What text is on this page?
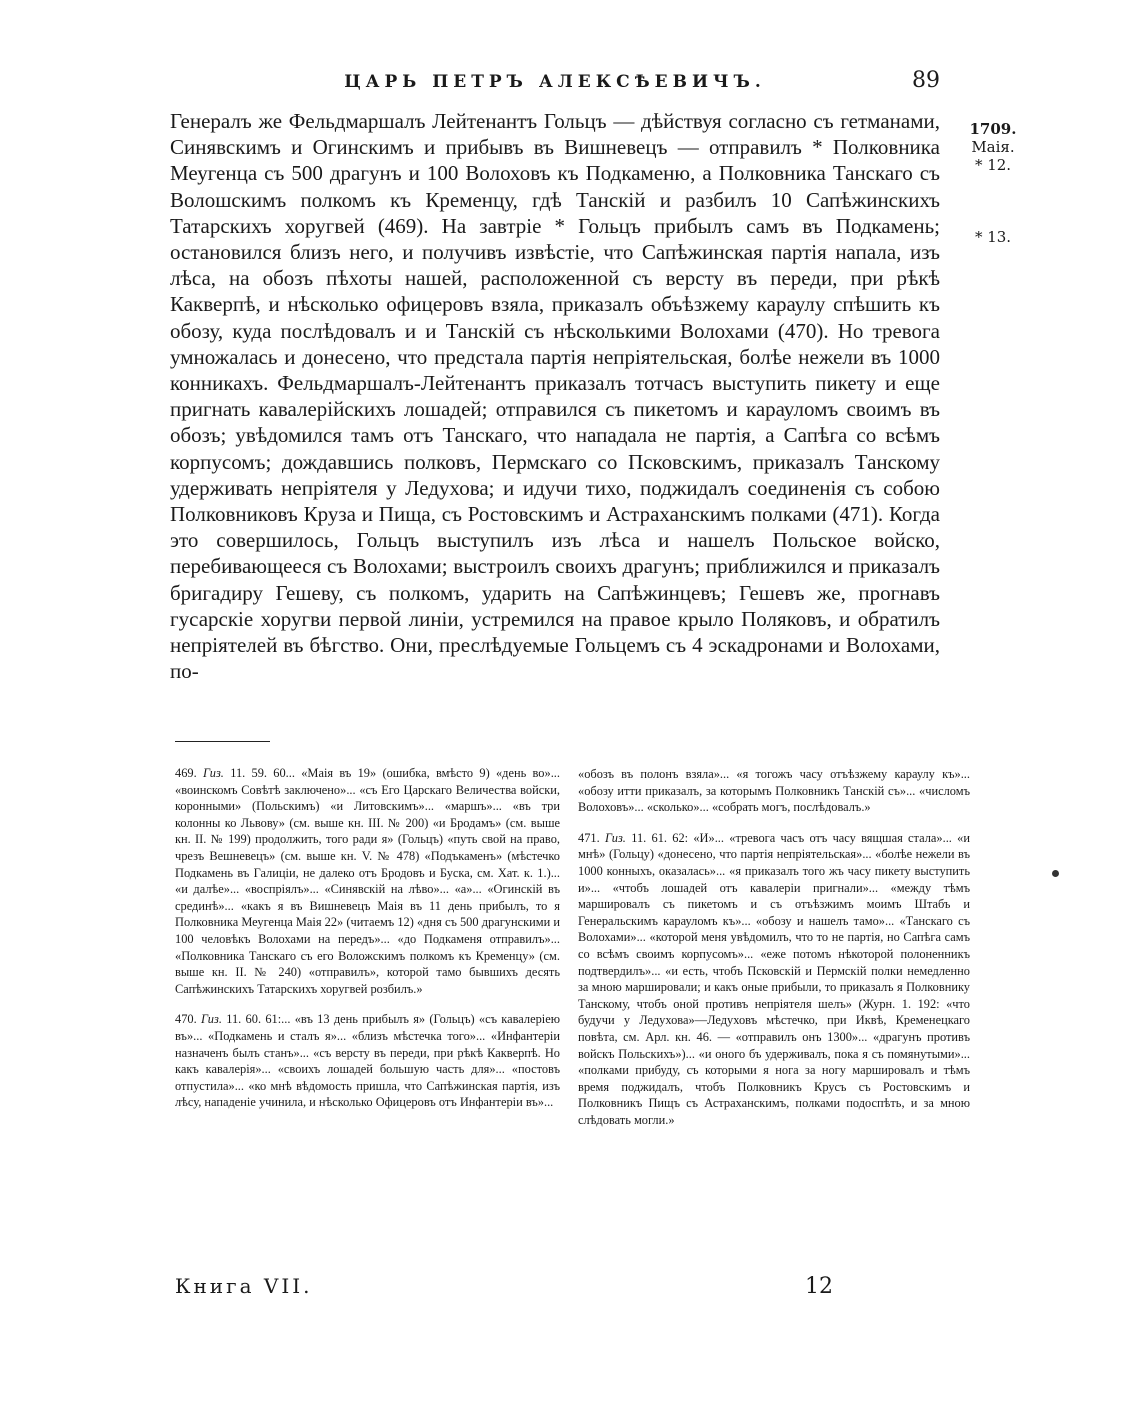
ЦАРЬ ПЕТРЪ АЛЕКСѢЕВИЧЪ.	89
1709.
Маія.
* 12.
* 13.

Генералъ же Фельдмаршалъ Лейтенантъ Гольцъ — дѣйствуя согласно съ гетманами, Синявскимъ и Огинскимъ и прибывъ въ Вишневецъ — отправилъ * Полковника Меугенца съ 500 драгунъ и 100 Волоховъ къ Подкаменю, а Полковника Танскаго съ Волошскимъ полкомъ къ Кременцу, гдѣ Танскій и разбилъ 10 Сапѣжинскихъ Татарскихъ хоругвей (469). На завтріе * Гольцъ прибылъ самъ въ Подкамень; остановился близъ него, и получивъ извѣстіе, что Сапѣжинская партія напала, изъ лѣса, на обозъ пѣхоты нашей, расположенной съ версту въ переди, при рѣкѣ Какверпѣ, и нѣсколько офицеровъ взяла, приказалъ объѣзжему караулу спѣшить къ обозу, куда послѣдовалъ и и Танскій съ нѣсколькими Волохами (470). Но тревога умножалась и донесено, что предстала партія непріятельская, болѣе нежели въ 1000 конникахъ. Фельдмаршалъ-Лейтенантъ приказалъ тотчасъ выступить пикету и еще пригнать кавалерійскихъ лошадей; отправился съ пикетомъ и карауломъ своимъ въ обозъ; увѣдомился тамъ отъ Танскаго, что нападала не партія, а Сапѣга со всѣмъ корпусомъ; дождавшись полковъ, Пермскаго со Псковскимъ, приказалъ Танскому удерживать непріятеля у Ледухова; и идучи тихо, поджидалъ соединенія съ собою Полковниковъ Круза и Пища, съ Ростовскимъ и Астраханскимъ полками (471). Когда это совершилось, Гольцъ выступилъ изъ лѣса и нашелъ Польское войско, перебивающееся съ Волохами; выстроилъ своихъ драгунъ; приближился и приказалъ бригадиру Гешеву, съ полкомъ, ударить на Сапѣжинцевъ; Гешевъ же, прогнавъ гусарскіе хоругви первой линіи, устремился на правое крыло Поляковъ, и обратилъ непріятелей въ бѣгство. Они, преслѣдуемые Гольцемъ съ 4 эскадронами и Волохами, по-

469. Гиз. 11. 59. 60... «Маія въ 19» (ошибка, вмѣсто 9) «день во»... «воинскомъ Совѣтѣ заключено»... «съ Его Царскаго Величества войски, коронными» (Польскимъ) «и Литовскимъ»... «маршъ»... «въ три колонны ко Львову» (см. выше кн. III. № 200) «и Бродамъ» (см. выше кн. II. № 199) продолжить, того ради я» (Гольцъ) «путь свой на право, чрезъ Вешневецъ» (см. выше кн. V. № 478) «Подъкаменъ» (мѣстечко Подкамень въ Галиціи, не далеко отъ Бродовъ и Буска, см. Хат. к. 1.)... «и далѣе»... «воспріялъ»... «Синявскій на лѣво»... «а»... «Огинскій въ срединѣ»... «какъ я въ Вишневецъ Маія въ 11 день прибылъ, то я Полковника Меугенца Маія 22» (читаемъ 12) «дня съ 500 драгунскими и 100 человѣкъ Волохами на передъ»... «до Подкаменя отправилъ»... «Полковника Танскаго съ его Воложскимъ полкомъ къ Кременцу» (см. выше кн. II. № 240) «отправилъ», которой тамо бывшихъ десять Сапѣжинскихъ Татарскихъ хоругвей розбилъ.»

470. Гиз. 11. 60. 61:... «въ 13 день прибылъ я» (Гольцъ) «съ кавалеріею въ»... «Подкамень и сталъ я»... «близъ мѣстечка того»... «Инфантеріи назначенъ былъ станъ»... «съ версту въ переди, при рѣкѣ Какверпѣ. Но какъ кавалерія»... «своихъ лошадей большую часть для»... «постовъ отпустила»... «ко мнѣ вѣдомость пришла, что Сапѣжинская партія, изъ лѣсу, нападеніе учинила, и нѣсколько Офицеровъ отъ Инфантеріи въ»...

«обозъ въ полонъ взяла»... «я тогожъ часу отъѣзжему караулу къ»... «обозу итти приказалъ, за которымъ Полковникъ Танскій съ»... «числомъ Волоховъ»... «сколько»... «собрать могъ, послѣдовалъ.»

471. Гиз. 11. 61. 62: «И»... «тревога часъ отъ часу вящшая стала»... «и мнѣ» (Гольцу) «донесено, что партія непріятельская»... «болѣе нежели въ 1000 конныхъ, оказалась»... «я приказалъ того жъ часу пикету выступить и»... «чтобъ лошадей отъ кавалеріи пригнали»... «между тѣмъ маршировалъ съ пикетомъ и съ отъѣзжимъ моимъ Штабъ и Генеральскимъ карауломъ къ»... «обозу и нашелъ тамо»... «Танскаго съ Волохами»... «которой меня увѣдомилъ, что то не партія, но Сапѣга самъ со всѣмъ своимъ корпусомъ»... «еже потомъ нѣкоторой полоненникъ подтвердилъ»... «и есть, чтобъ Псковскій и Пермскій полки немедленно за мною маршировали; и какъ оные прибыли, то приказалъ я Полковнику Танскому, чтобъ оной противъ непріятеля шелъ» (Журн. 1. 192: «что будучи у Ледухова»—Ледуховъ мѣстечко, при Иквѣ, Кременецкаго повѣта, см. Арл. кн. 46. — «отправилъ онъ 1300»... «драгунъ противъ войскъ Польскихъ»)... «и оного бъ удерживалъ, пока я съ помянутыми»... «полками прибуду, съ которыми я нога за ногу маршировалъ и тѣмъ время поджидалъ, чтобъ Полковникъ Крусъ съ Ростовскимъ и Полковникъ Пищъ съ Астраханскимъ, полками подоспѣть, и за мною слѣдовать могли.»

Книга VII.	12
